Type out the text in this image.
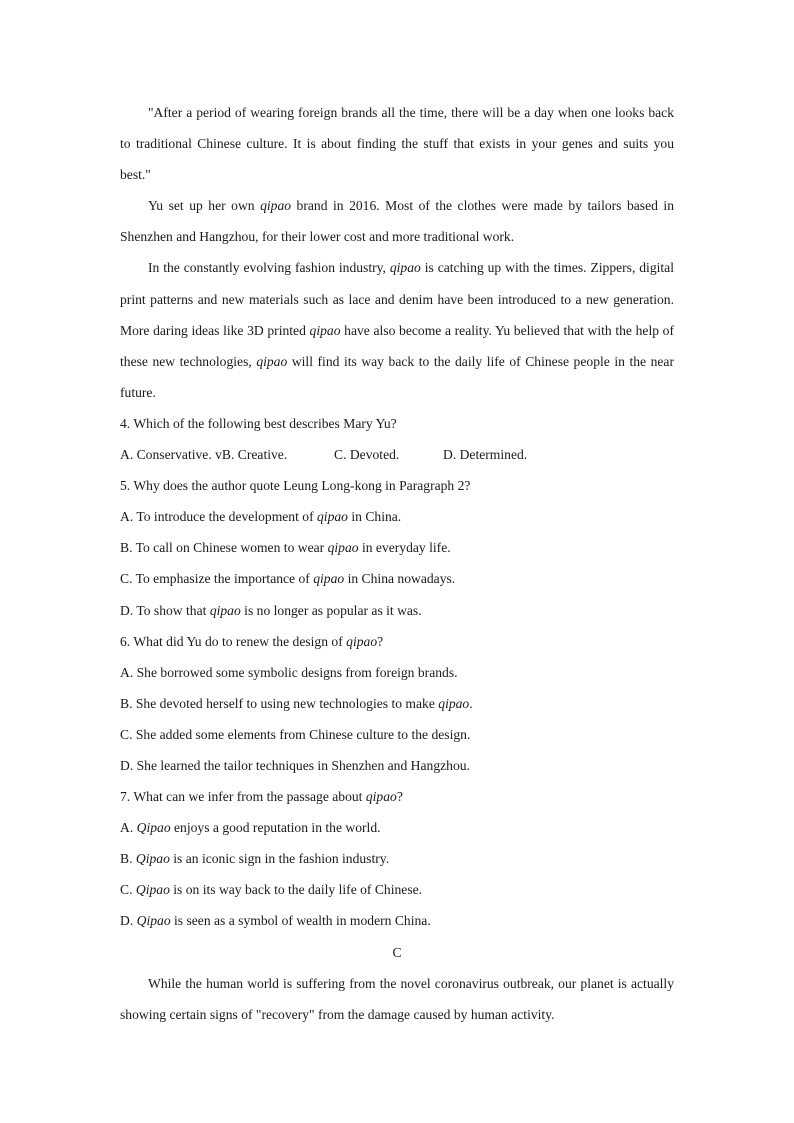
"After a period of wearing foreign brands all the time, there will be a day when one looks back to traditional Chinese culture. It is about finding the stuff that exists in your genes and suits you best."

Yu set up her own qipao brand in 2016. Most of the clothes were made by tailors based in Shenzhen and Hangzhou, for their lower cost and more traditional work.

In the constantly evolving fashion industry, qipao is catching up with the times. Zippers, digital print patterns and new materials such as lace and denim have been introduced to a new generation. More daring ideas like 3D printed qipao have also become a reality. Yu believed that with the help of these new technologies, qipao will find its way back to the daily life of Chinese people in the near future.

4. Which of the following best describes Mary Yu?

A. Conservative. vB. Creative.	C. Devoted.	D. Determined.

5. Why does the author quote Leung Long-kong in Paragraph 2?

A. To introduce the development of qipao in China.

B. To call on Chinese women to wear qipao in everyday life.

C. To emphasize the importance of qipao in China nowadays.

D. To show that qipao is no longer as popular as it was.

6. What did Yu do to renew the design of qipao?

A. She borrowed some symbolic designs from foreign brands.

B. She devoted herself to using new technologies to make qipao.

C. She added some elements from Chinese culture to the design.

D. She learned the tailor techniques in Shenzhen and Hangzhou.

7. What can we infer from the passage about qipao?

A. Qipao enjoys a good reputation in the world.

B. Qipao is an iconic sign in the fashion industry.

C. Qipao is on its way back to the daily life of Chinese.

D. Qipao is seen as a symbol of wealth in modern China.

C

While the human world is suffering from the novel coronavirus outbreak, our planet is actually showing certain signs of "recovery" from the damage caused by human activity.
